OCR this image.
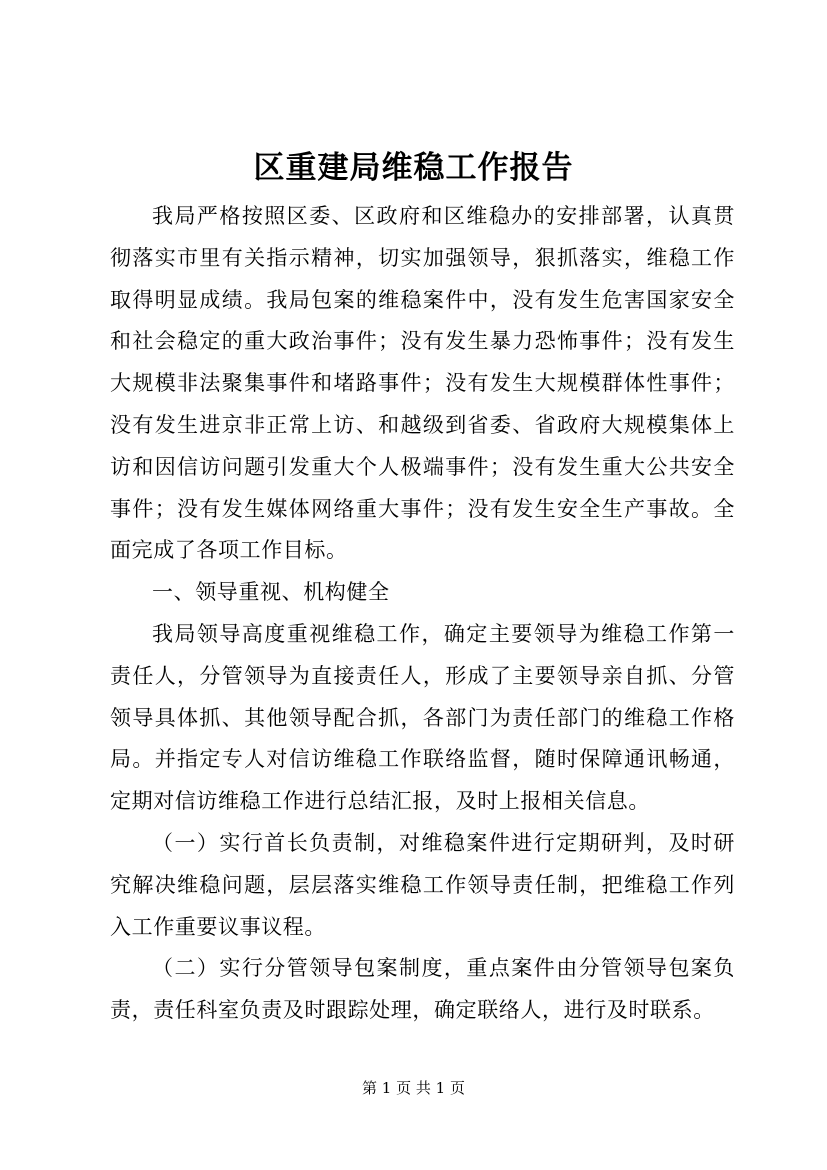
区重建局维稳工作报告

我局严格按照区委、区政府和区维稳办的安排部署，认真贯彻落实市里有关指示精神，切实加强领导，狠抓落实，维稳工作取得明显成绩。我局包案的维稳案件中，没有发生危害国家安全和社会稳定的重大政治事件；没有发生暴力恐怖事件；没有发生大规模非法聚集事件和堵路事件；没有发生大规模群体性事件；没有发生进京非正常上访、和越级到省委、省政府大规模集体上访和因信访问题引发重大个人极端事件；没有发生重大公共安全事件；没有发生媒体网络重大事件；没有发生安全生产事故。全面完成了各项工作目标。

一、领导重视、机构健全

我局领导高度重视维稳工作，确定主要领导为维稳工作第一责任人，分管领导为直接责任人，形成了主要领导亲自抓、分管领导具体抓、其他领导配合抓，各部门为责任部门的维稳工作格局。并指定专人对信访维稳工作联络监督，随时保障通讯畅通，定期对信访维稳工作进行总结汇报，及时上报相关信息。

（一）实行首长负责制，对维稳案件进行定期研判，及时研究解决维稳问题，层层落实维稳工作领导责任制，把维稳工作列入工作重要议事议程。

（二）实行分管领导包案制度，重点案件由分管领导包案负责，责任科室负责及时跟踪处理，确定联络人，进行及时联系。

第 1 页 共 1 页
